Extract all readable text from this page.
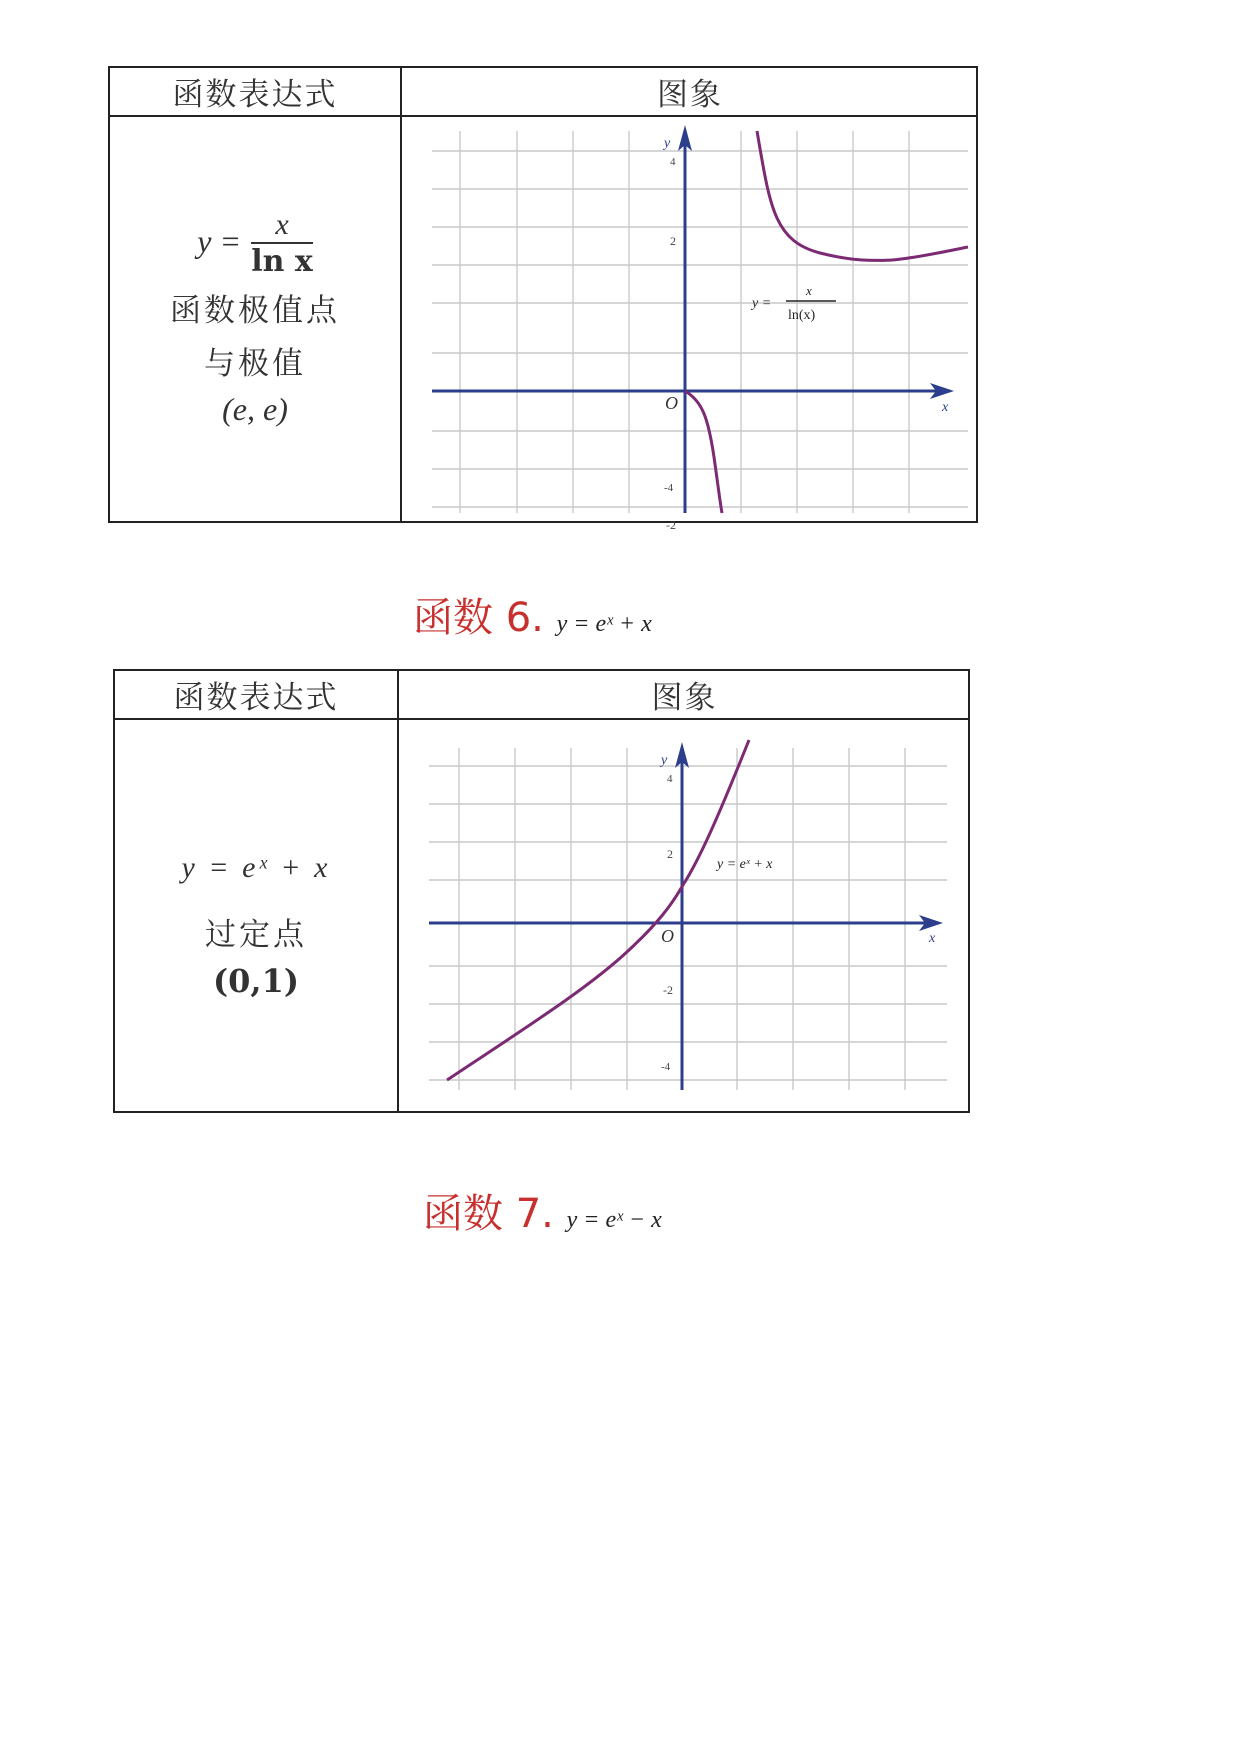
函数表达式	图象
$y = \frac{x}{\text{ln x}}$
函数极值点
与极值
(e, e)
y
x
O
4
2
-2
-4
y =
x
ln(x)
函数 6. y = eˣ + x
函数表达式	图象
y = eˣ + x
过定点
(0,1)
y
x
O
4
2
-2
-4
y = eˣ + x
函数 7. y = eˣ − x
